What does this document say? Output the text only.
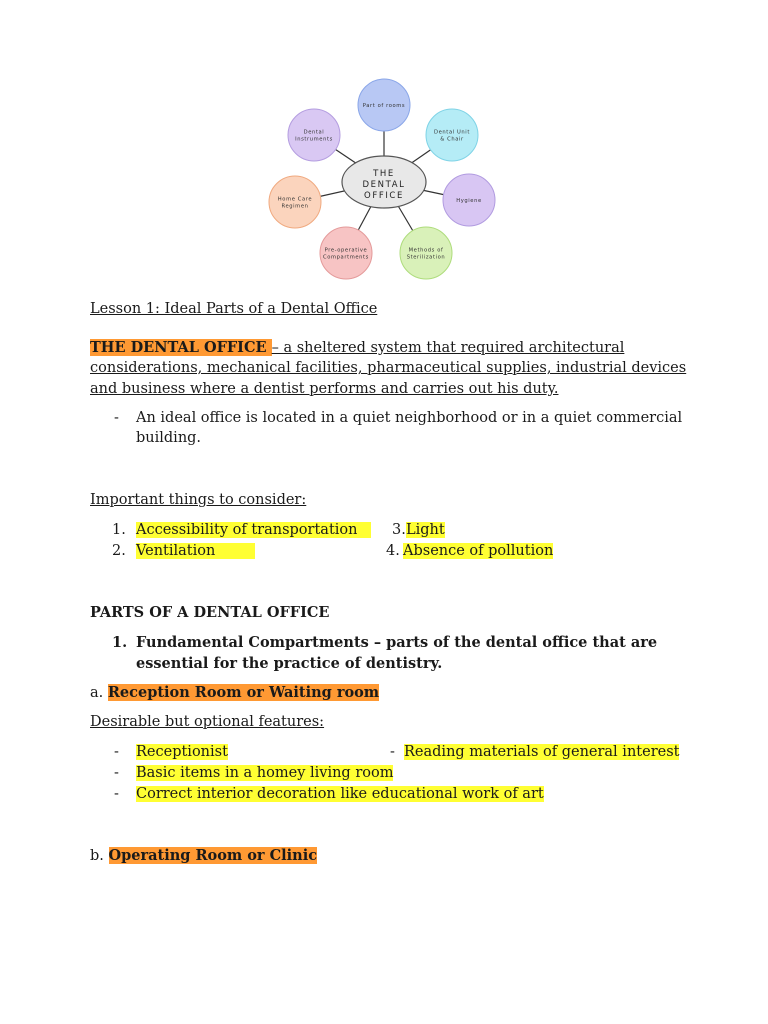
Part of rooms
Dental Unit
& Chair
Hygiene
Methods of
Sterilization
Pre-operative
Compartments
Home Care
Regimen
Dental
Instruments
THE
DENTAL
OFFICE
Lesson 1: Ideal Parts of a Dental Office
THE DENTAL OFFICE – a sheltered system that required architectural
considerations, mechanical facilities, pharmaceutical supplies, industrial devices
and business where a dentist performs and carries out his duty.
- An ideal office is located in a quiet neighborhood or in a quiet commercial
building.
Important things to consider:
1. Accessibility of transportation	3. Light
2. Ventilation	4. Absence of pollution
PARTS OF A DENTAL OFFICE
1. Fundamental Compartments – parts of the dental office that are
essential for the practice of dentistry.
a. Reception Room or Waiting room
Desirable but optional features:
- Receptionist	- Reading materials of general interest
- Basic items in a homey living room
- Correct interior decoration like educational work of art
b. Operating Room or Clinic
